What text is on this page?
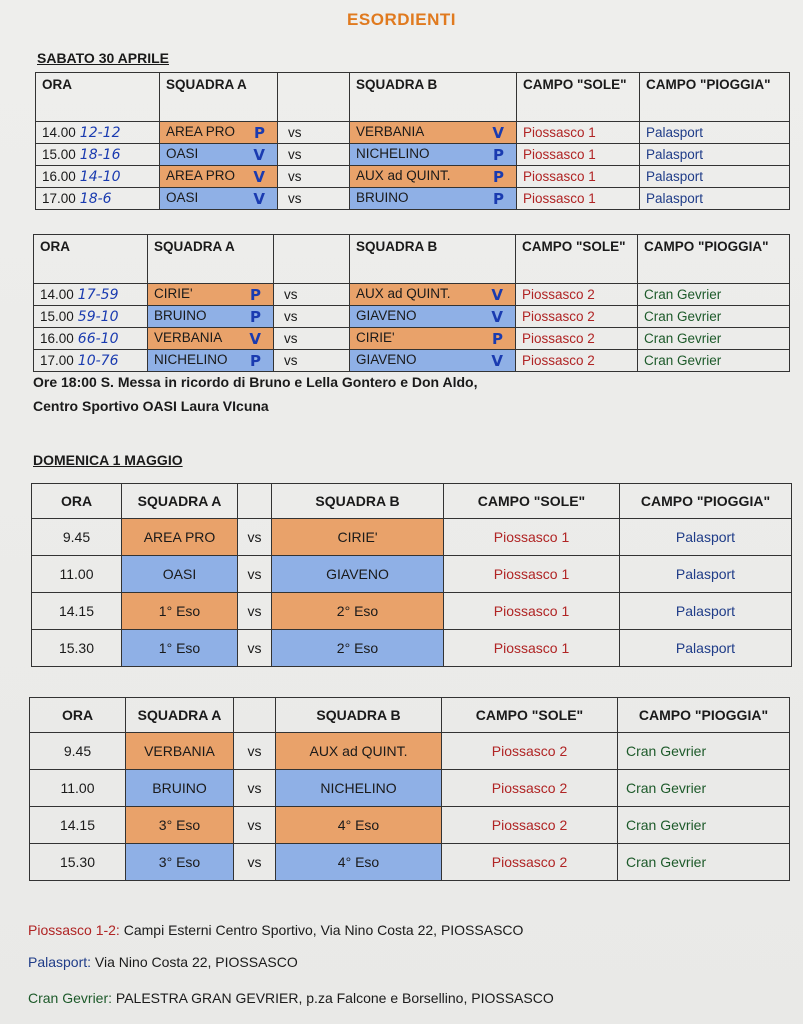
ESORDIENTI
SABATO 30 APRILE
ORA	SQUADRA A		SQUADRA B	CAMPO "SOLE"	CAMPO "PIOGGIA"
14.00 12-12	AREA PRO P	vs	VERBANIA V	Piossasco 1	Palasport
15.00 18-16	OASI V	vs	NICHELINO P	Piossasco 1	Palasport
16.00 14-10	AREA PRO V	vs	AUX ad QUINT. P	Piossasco 1	Palasport
17.00 18-6	OASI V	vs	BRUINO P	Piossasco 1	Palasport
ORA	SQUADRA A		SQUADRA B	CAMPO "SOLE"	CAMPO "PIOGGIA"
14.00 17-59	CIRIE' P	vs	AUX ad QUINT. V	Piossasco 2	Cran Gevrier
15.00 59-10	BRUINO P	vs	GIAVENO V	Piossasco 2	Cran Gevrier
16.00 66-10	VERBANIA V	vs	CIRIE' P	Piossasco 2	Cran Gevrier
17.00 10-76	NICHELINO P	vs	GIAVENO V	Piossasco 2	Cran Gevrier
Ore 18:00 S. Messa in ricordo di Bruno e Lella Gontero e Don Aldo,
Centro Sportivo OASI Laura VIcuna
DOMENICA 1 MAGGIO
ORA	SQUADRA A		SQUADRA B	CAMPO "SOLE"	CAMPO "PIOGGIA"
9.45	AREA PRO	vs	CIRIE'	Piossasco 1	Palasport
11.00	OASI	vs	GIAVENO	Piossasco 1	Palasport
14.15	1° Eso	vs	2° Eso	Piossasco 1	Palasport
15.30	1° Eso	vs	2° Eso	Piossasco 1	Palasport
ORA	SQUADRA A		SQUADRA B	CAMPO "SOLE"	CAMPO "PIOGGIA"
9.45	VERBANIA	vs	AUX ad QUINT.	Piossasco 2	Cran Gevrier
11.00	BRUINO	vs	NICHELINO	Piossasco 2	Cran Gevrier
14.15	3° Eso	vs	4° Eso	Piossasco 2	Cran Gevrier
15.30	3° Eso	vs	4° Eso	Piossasco 2	Cran Gevrier
Piossasco 1-2: Campi Esterni Centro Sportivo, Via Nino Costa 22, PIOSSASCO
Palasport: Via Nino Costa 22, PIOSSASCO
Cran Gevrier: PALESTRA GRAN GEVRIER, p.za Falcone e Borsellino, PIOSSASCO
